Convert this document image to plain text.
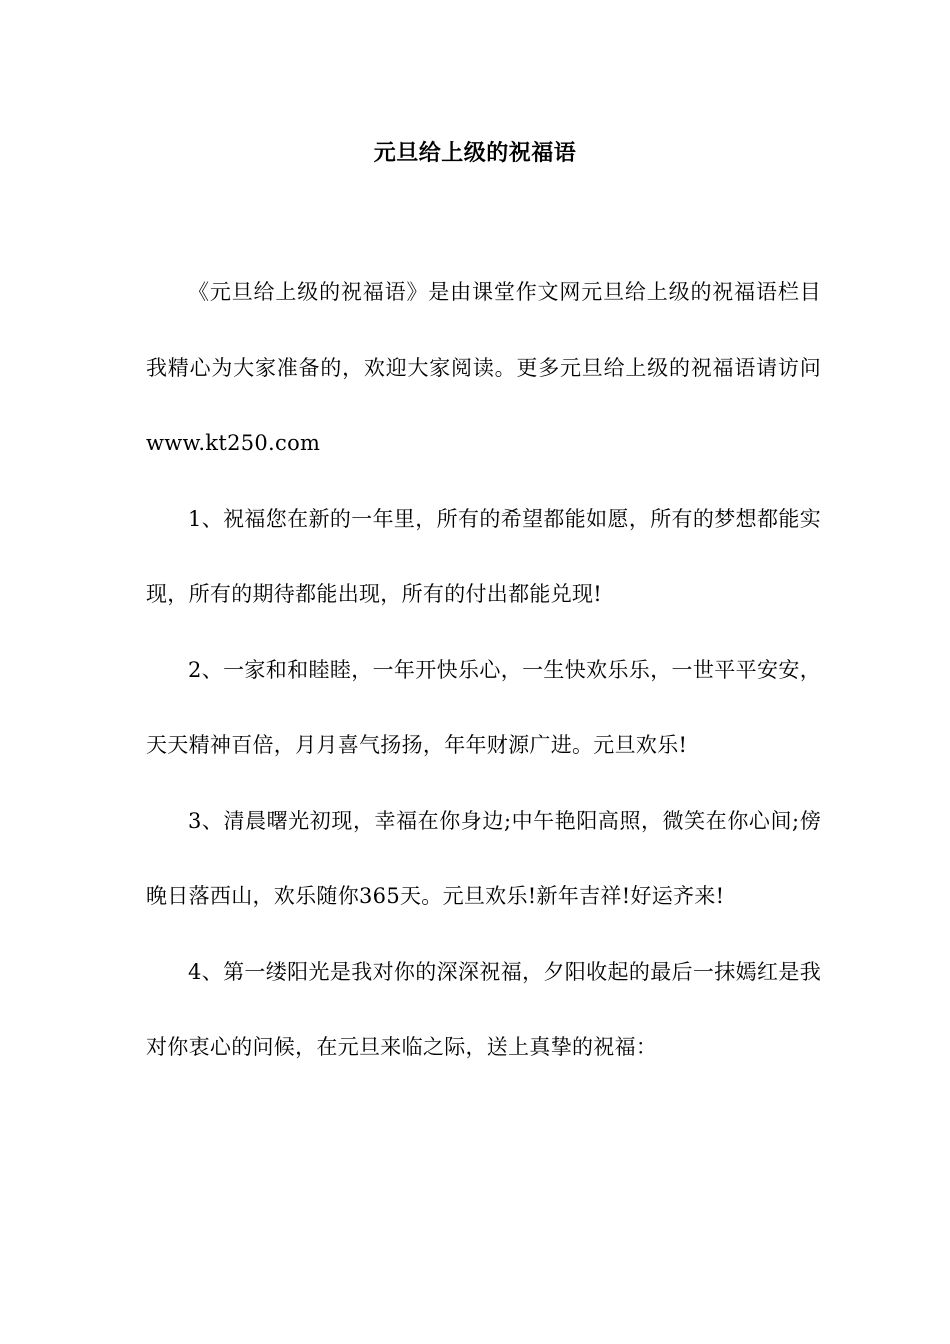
元旦给上级的祝福语

《元旦给上级的祝福语》是由课堂作文网元旦给上级的祝福语栏目我精心为大家准备的，欢迎大家阅读。更多元旦给上级的祝福语请访问www.kt250.com

1、祝福您在新的一年里，所有的希望都能如愿，所有的梦想都能实现，所有的期待都能出现，所有的付出都能兑现!

2、一家和和睦睦，一年开快乐心，一生快欢乐乐，一世平平安安，天天精神百倍，月月喜气扬扬，年年财源广进。元旦欢乐!

3、清晨曙光初现，幸福在你身边;中午艳阳高照，微笑在你心间;傍晚日落西山，欢乐随你365天。元旦欢乐!新年吉祥!好运齐来!

4、第一缕阳光是我对你的深深祝福，夕阳收起的最后一抹嫣红是我对你衷心的问候，在元旦来临之际，送上真挚的祝福：
